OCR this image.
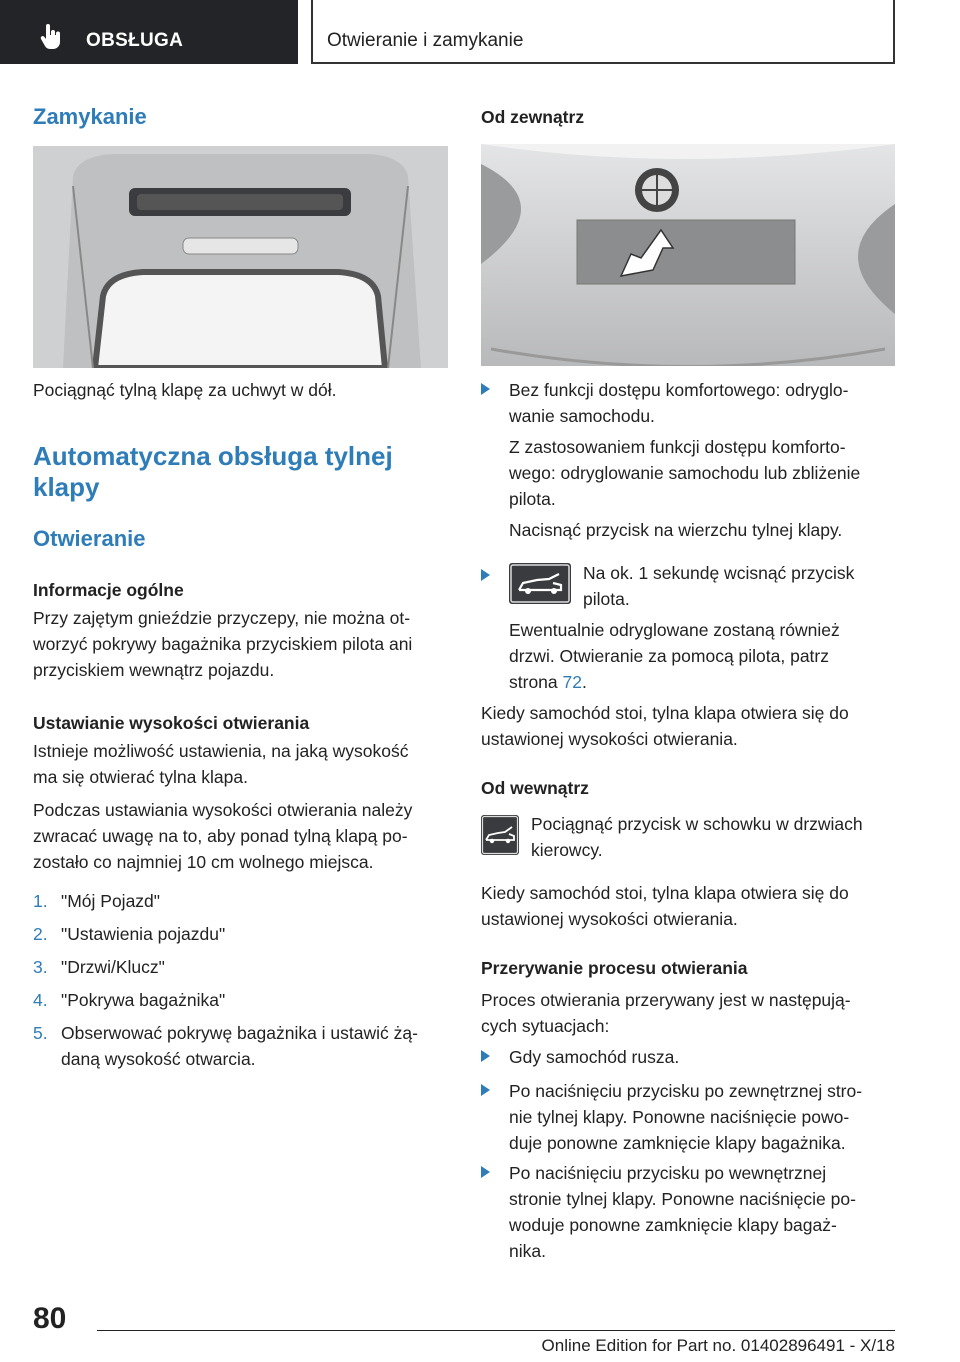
OBSŁUGA	Otwieranie i zamykanie
Zamykanie
Pociągnąć tylną klapę za uchwyt w dół.
Automatyczna obsługa tylnej
klapy
Otwieranie
Informacje ogólne
Przy zajętym gnieździe przyczepy, nie można ot-
worzyć pokrywy bagażnika przyciskiem pilota ani
przyciskiem wewnątrz pojazdu.
Ustawianie wysokości otwierania
Istnieje możliwość ustawienia, na jaką wysokość
ma się otwierać tylna klapa.
Podczas ustawiania wysokości otwierania należy
zwracać uwagę na to, aby ponad tylną klapą po-
zostało co najmniej 10 cm wolnego miejsca.
1. "Mój Pojazd"
2. "Ustawienia pojazdu"
3. "Drzwi/Klucz"
4. "Pokrywa bagażnika"
5. Obserwować pokrywę bagażnika i ustawić żą-
daną wysokość otwarcia.
Od zewnątrz
Bez funkcji dostępu komfortowego: odryglo-
wanie samochodu.
Z zastosowaniem funkcji dostępu komforto-
wego: odryglowanie samochodu lub zbliżenie
pilota.
Nacisnąć przycisk na wierzchu tylnej klapy.
Na ok. 1 sekundę wcisnąć przycisk
pilota.
Ewentualnie odryglowane zostaną również
drzwi. Otwieranie za pomocą pilota, patrz
strona 72.
Kiedy samochód stoi, tylna klapa otwiera się do
ustawionej wysokości otwierania.
Od wewnątrz
Pociągnąć przycisk w schowku w drzwiach
kierowcy.
Kiedy samochód stoi, tylna klapa otwiera się do
ustawionej wysokości otwierania.
Przerywanie procesu otwierania
Proces otwierania przerywany jest w następują-
cych sytuacjach:
Gdy samochód rusza.
Po naciśnięciu przycisku po zewnętrznej stro-
nie tylnej klapy. Ponowne naciśnięcie powo-
duje ponowne zamknięcie klapy bagażnika.
Po naciśnięciu przycisku po wewnętrznej
stronie tylnej klapy. Ponowne naciśnięcie po-
woduje ponowne zamknięcie klapy bagaż-
nika.
80
Online Edition for Part no. 01402896491 - X/18
